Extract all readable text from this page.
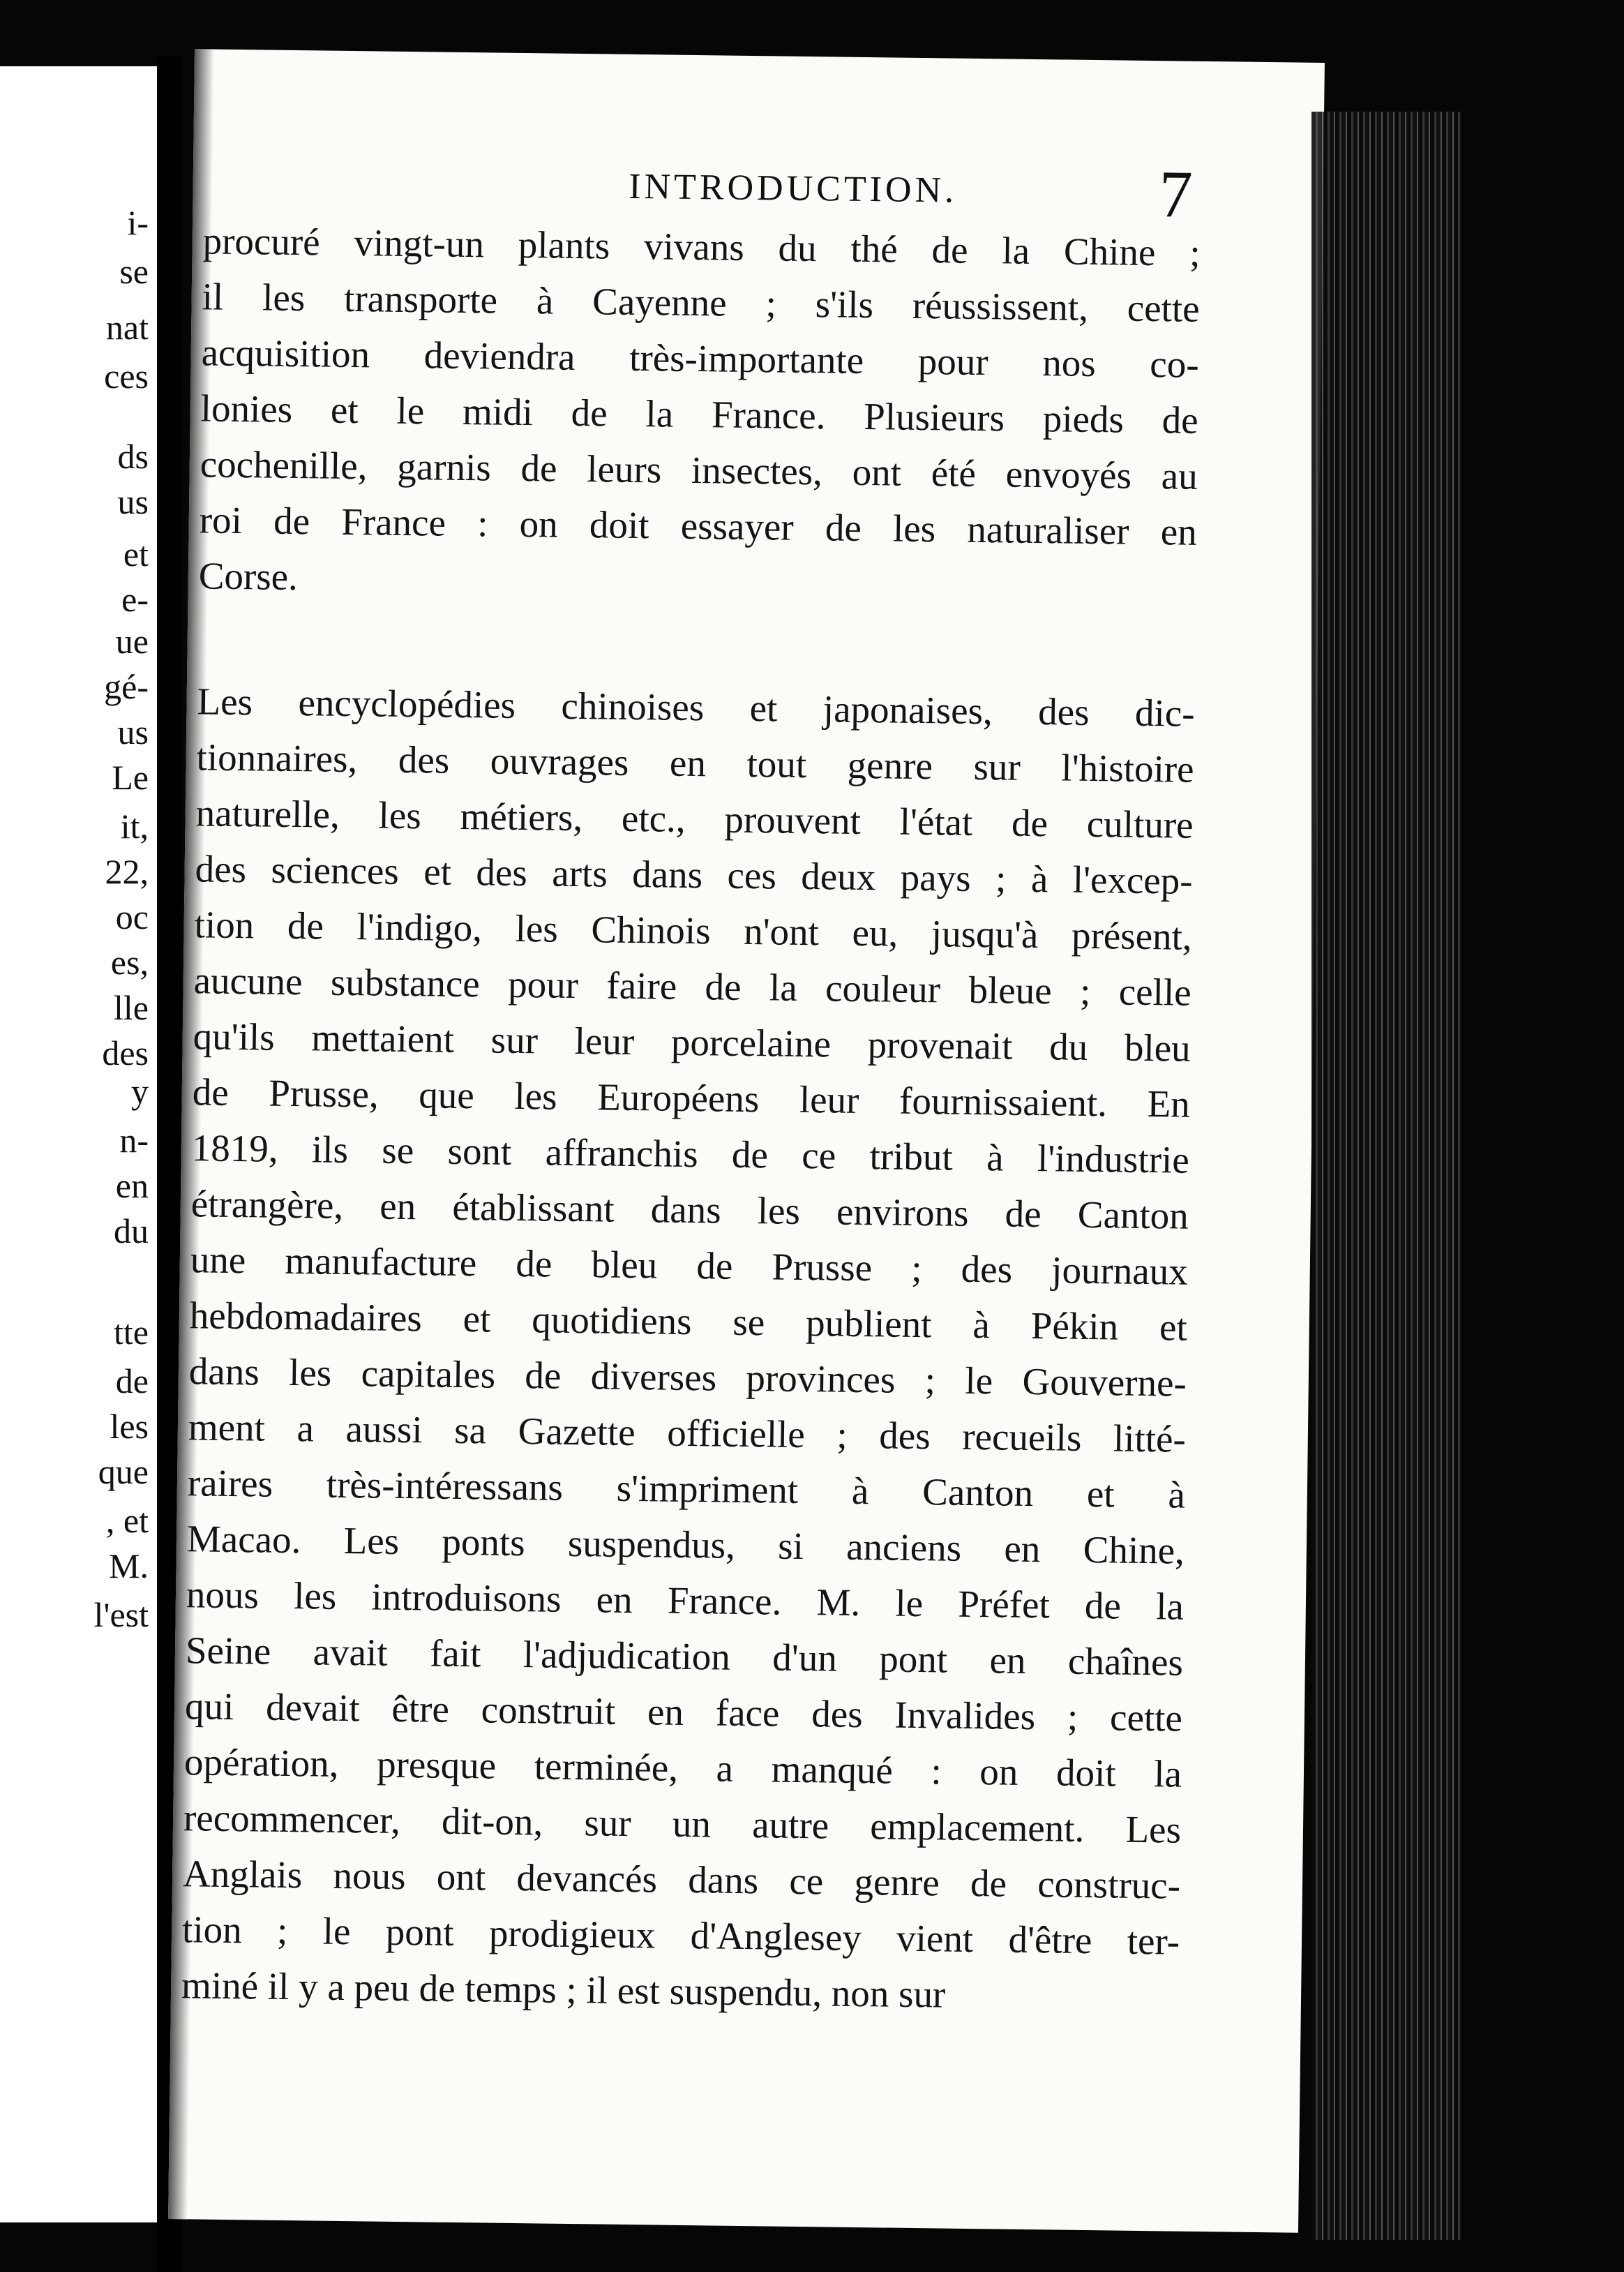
i-
se
nat
ces
ds
us
et
e-
ue
gé-
us
Le
it,
22,
oc
es,
lle
des
y
n-
en
du
tte
de
les
que
, et
M.
l'est
INTRODUCTION.	7
procuré vingt-un plants vivans du thé de la Chine ;
il les transporte à Cayenne ; s'ils réussissent, cette
acquisition deviendra très-importante pour nos co-
lonies et le midi de la France. Plusieurs pieds de
cochenille, garnis de leurs insectes, ont été envoyés au
roi de France : on doit essayer de les naturaliser en
Corse.
Les encyclopédies chinoises et japonaises, des dic-
tionnaires, des ouvrages en tout genre sur l'histoire
naturelle, les métiers, etc., prouvent l'état de culture
des sciences et des arts dans ces deux pays ; à l'excep-
tion de l'indigo, les Chinois n'ont eu, jusqu'à présent,
aucune substance pour faire de la couleur bleue ; celle
qu'ils mettaient sur leur porcelaine provenait du bleu
de Prusse, que les Européens leur fournissaient. En
1819, ils se sont affranchis de ce tribut à l'industrie
étrangère, en établissant dans les environs de Canton
une manufacture de bleu de Prusse ; des journaux
hebdomadaires et quotidiens se publient à Pékin et
dans les capitales de diverses provinces ; le Gouverne-
ment a aussi sa Gazette officielle ; des recueils litté-
raires très-intéressans s'impriment à Canton et à
Macao. Les ponts suspendus, si anciens en Chine,
nous les introduisons en France. M. le Préfet de la
Seine avait fait l'adjudication d'un pont en chaînes
qui devait être construit en face des Invalides ; cette
opération, presque terminée, a manqué : on doit la
recommencer, dit-on, sur un autre emplacement. Les
Anglais nous ont devancés dans ce genre de construc-
tion ; le pont prodigieux d'Anglesey vient d'être ter-
miné il y a peu de temps ; il est suspendu, non sur
